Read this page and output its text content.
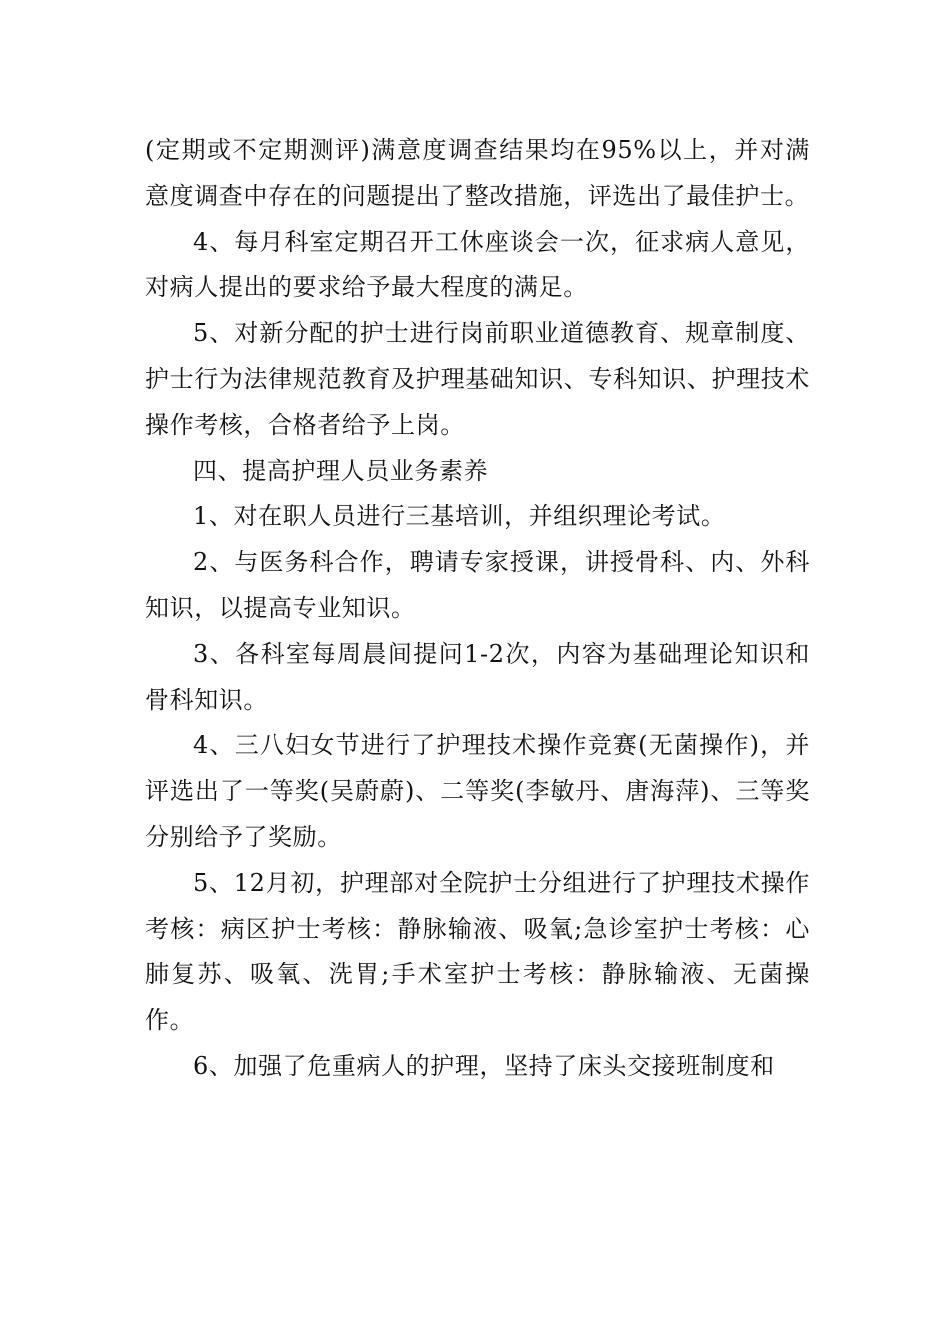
(定期或不定期测评)满意度调查结果均在95%以上，并对满意度调查中存在的问题提出了整改措施，评选出了最佳护士。

4、每月科室定期召开工休座谈会一次，征求病人意见，对病人提出的要求给予最大程度的满足。

5、对新分配的护士进行岗前职业道德教育、规章制度、护士行为法律规范教育及护理基础知识、专科知识、护理技术操作考核，合格者给予上岗。

四、提高护理人员业务素养

1、对在职人员进行三基培训，并组织理论考试。

2、与医务科合作，聘请专家授课，讲授骨科、内、外科知识，以提高专业知识。

3、各科室每周晨间提问1-2次，内容为基础理论知识和骨科知识。

4、三八妇女节进行了护理技术操作竞赛(无菌操作)，并评选出了一等奖(吴蔚蔚)、二等奖(李敏丹、唐海萍)、三等奖分别给予了奖励。

5、12月初，护理部对全院护士分组进行了护理技术操作考核：病区护士考核：静脉输液、吸氧;急诊室护士考核：心肺复苏、吸氧、洗胃;手术室护士考核：静脉输液、无菌操作。

6、加强了危重病人的护理，坚持了床头交接班制度和
